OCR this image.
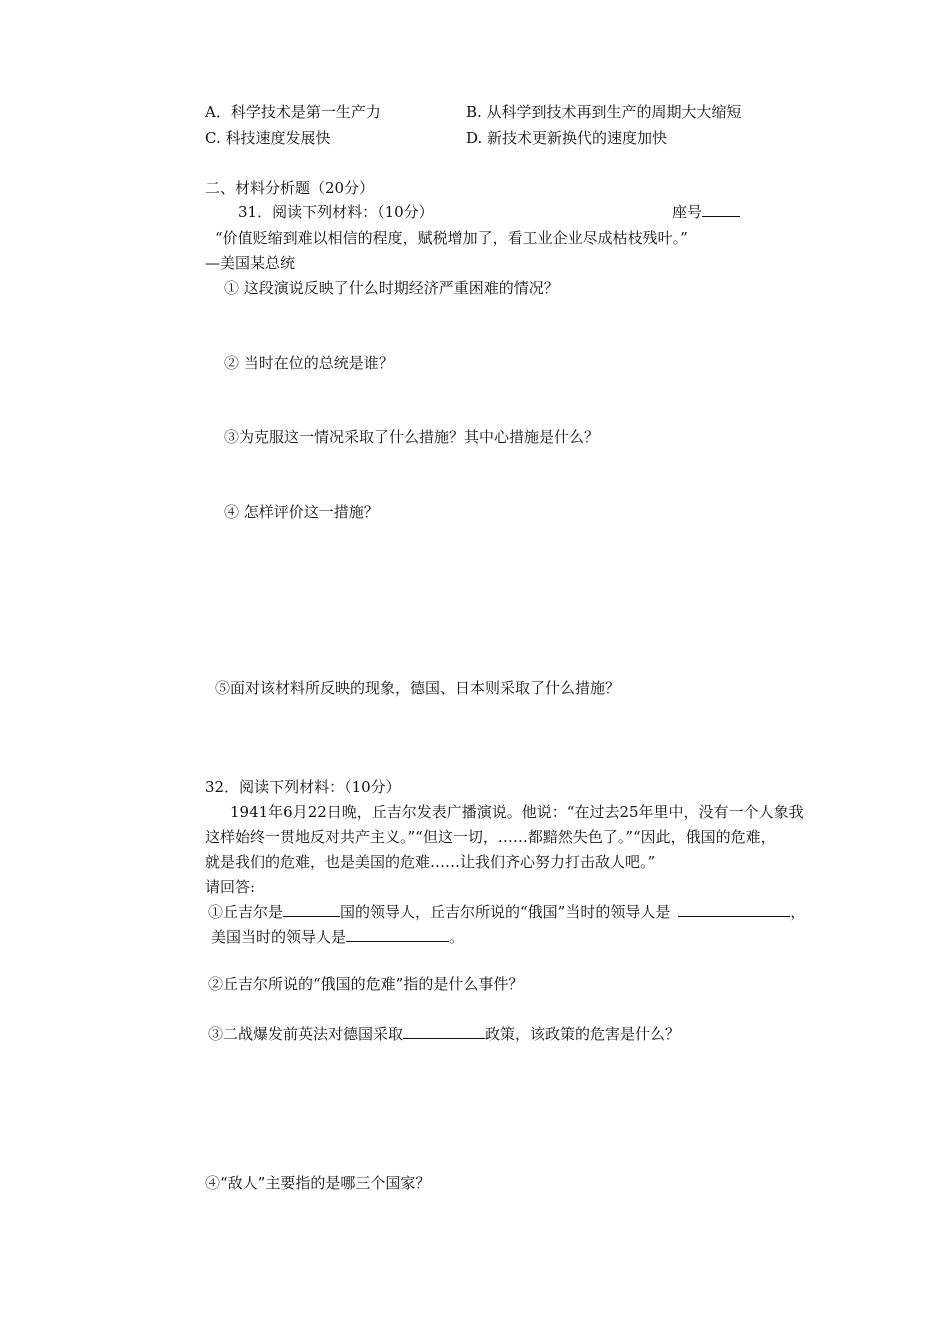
A．科学技术是第一生产力	B. 从科学到技术再到生产的周期大大缩短
C. 科技速度发展快	D. 新技术更新换代的速度加快
二、材料分析题（20分）
31．阅读下列材料：（10分）	座号
“价值贬缩到难以相信的程度，赋税增加了，看工业企业尽成枯枝残叶。”
—美国某总统
① 这段演说反映了什么时期经济严重困难的情况？
② 当时在位的总统是谁？
③为克服这一情况采取了什么措施？其中心措施是什么？
④ 怎样评价这一措施？
⑤面对该材料所反映的现象，德国、日本则采取了什么措施？
32．阅读下列材料：（10分）
1941年6月22日晚，丘吉尔发表广播演说。他说：“在过去25年里中，没有一个人象我
这样始终一贯地反对共产主义。”“但这一切，……都黯然失色了。”“因此，俄国的危难，
就是我们的危难，也是美国的危难……让我们齐心努力打击敌人吧。”
请回答:
①丘吉尔是	国的领导人，丘吉尔所说的“俄国”当时的领导人是	，
美国当时的领导人是	。
②丘吉尔所说的“俄国的危难”指的是什么事件？
③二战爆发前英法对德国采取	政策，该政策的危害是什么？
④“敌人”主要指的是哪三个国家？
